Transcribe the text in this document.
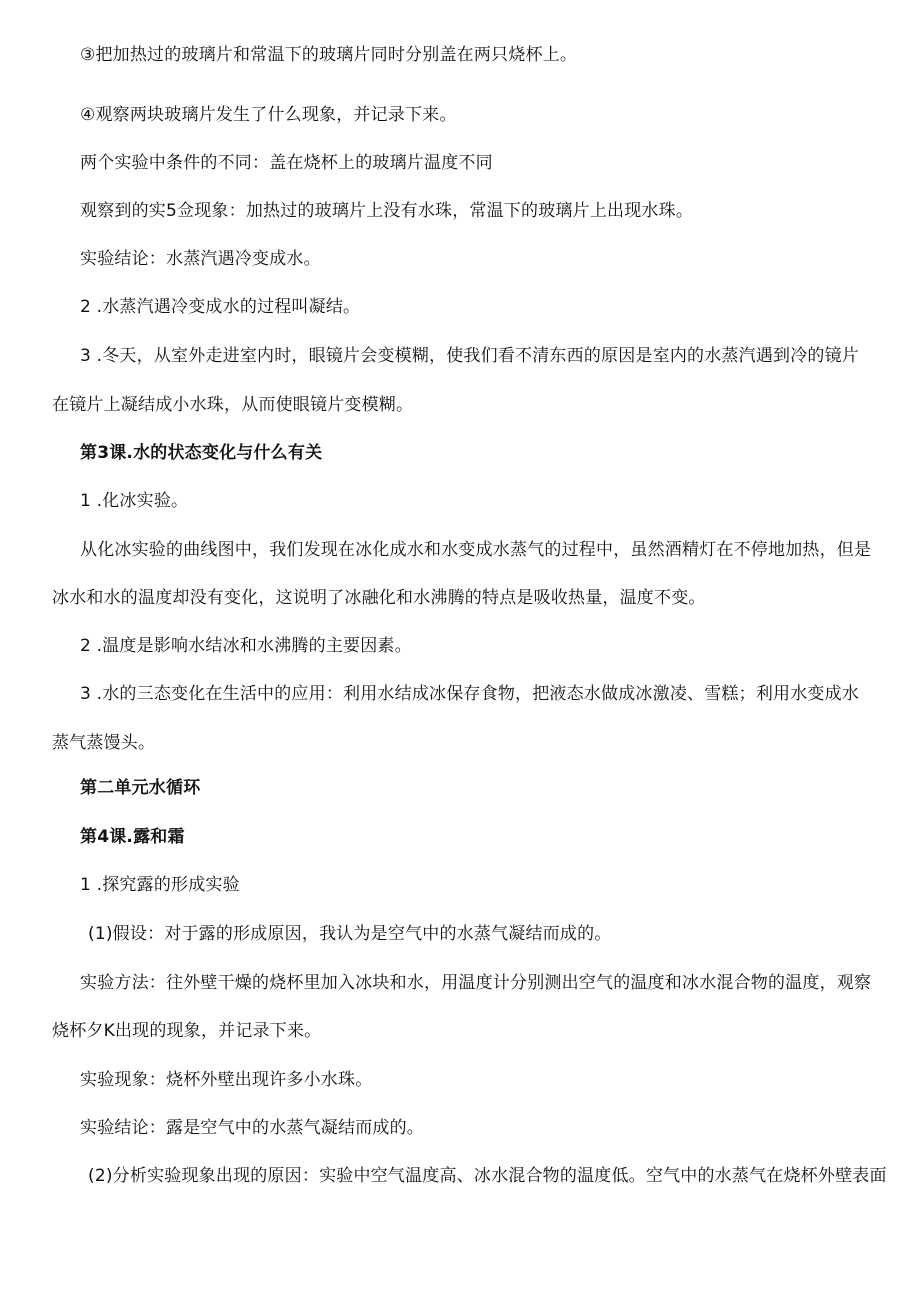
③把加热过的玻璃片和常温下的玻璃片同时分别盖在两只烧杯上。
④观察两块玻璃片发生了什么现象，并记录下来。
两个实验中条件的不同：盖在烧杯上的玻璃片温度不同
观察到的实5佥现象：加热过的玻璃片上没有水珠，常温下的玻璃片上出现水珠。
实验结论：水蒸汽遇冷变成水。
2 .水蒸汽遇冷变成水的过程叫凝结。
3 .冬天，从室外走进室内时，眼镜片会变模糊，使我们看不清东西的原因是室内的水蒸汽遇到冷的镜片
在镜片上凝结成小水珠，从而使眼镜片变模糊。
第3课.水的状态变化与什么有关
1 .化冰实验。
从化冰实验的曲线图中，我们发现在冰化成水和水变成水蒸气的过程中，虽然酒精灯在不停地加热，但是
冰水和水的温度却没有变化，这说明了冰融化和水沸腾的特点是吸收热量，温度不变。
2 .温度是影响水结冰和水沸腾的主要因素。
3 .水的三态变化在生活中的应用：利用水结成冰保存食物，把液态水做成冰激凌、雪糕；利用水变成水
蒸气蒸馒头。
第二单元水循环
第4课.露和霜
1 .探究露的形成实验
(1)假设：对于露的形成原因，我认为是空气中的水蒸气凝结而成的。
实验方法：往外壁干燥的烧杯里加入冰块和水，用温度计分别测出空气的温度和冰水混合物的温度，观察
烧杯夕K出现的现象，并记录下来。
实验现象：烧杯外壁出现许多小水珠。
实验结论：露是空气中的水蒸气凝结而成的。
(2)分析实验现象出现的原因：实验中空气温度高、冰水混合物的温度低。空气中的水蒸气在烧杯外壁表面
